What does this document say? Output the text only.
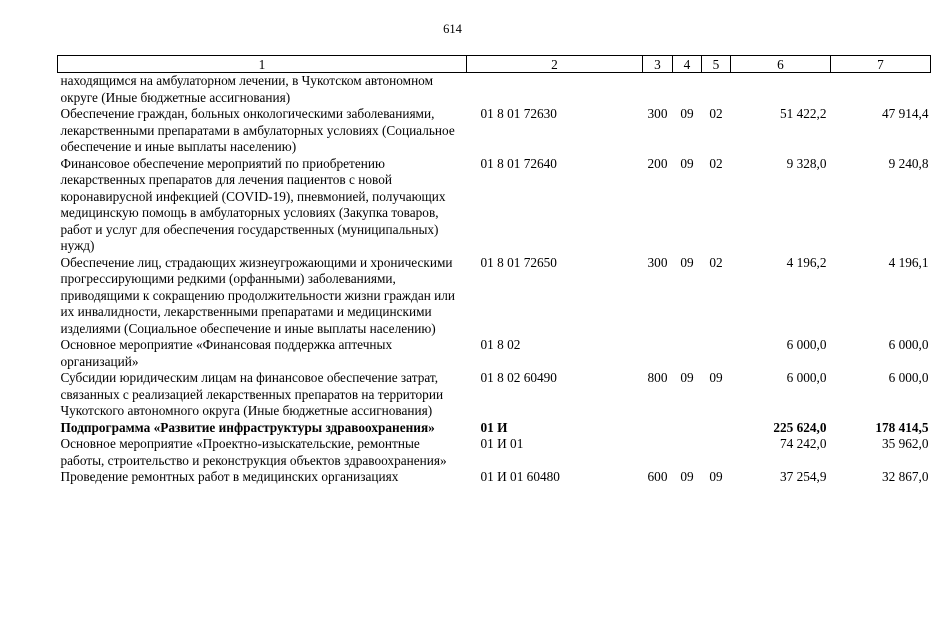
614
1	2	3	4	5	6	7
находящимся на амбулаторном лечении, в Чукотском автономном округе (Иные бюджетные ассигнования)						
Обеспечение граждан, больных онкологическими заболеваниями, лекарственными препаратами в амбулаторных условиях (Социальное обеспечение и иные выплаты населению)	01 8 01 72630	300	09	02	51 422,2	47 914,4
Финансовое обеспечение мероприятий по приобретению лекарственных препаратов для лечения пациентов с новой коронавирусной инфекцией (COVID-19), пневмонией, получающих медицинскую помощь в амбулаторных условиях (Закупка товаров, работ и услуг для обеспечения государственных (муниципальных) нужд)	01 8 01 72640	200	09	02	9 328,0	9 240,8
Обеспечение лиц, страдающих жизнеугрожающими и хроническими прогрессирующими редкими (орфанными) заболеваниями, приводящими к сокращению продолжительности жизни граждан или их инвалидности, лекарственными препаратами и медицинскими изделиями (Социальное обеспечение и иные выплаты населению)	01 8 01 72650	300	09	02	4 196,2	4 196,1
Основное мероприятие «Финансовая поддержка аптечных организаций»	01 8 02				6 000,0	6 000,0
Субсидии юридическим лицам на финансовое обеспечение затрат, связанных с реализацией лекарственных препаратов на территории Чукотского автономного округа (Иные бюджетные ассигнования)	01 8 02 60490	800	09	09	6 000,0	6 000,0
Подпрограмма «Развитие инфраструктуры здравоохранения»	01 И				225 624,0	178 414,5
Основное мероприятие «Проектно-изыскательские, ремонтные работы, строительство и реконструкция объектов здравоохранения»	01 И 01				74 242,0	35 962,0
Проведение ремонтных работ в медицинских организациях	01 И 01 60480	600	09	09	37 254,9	32 867,0
